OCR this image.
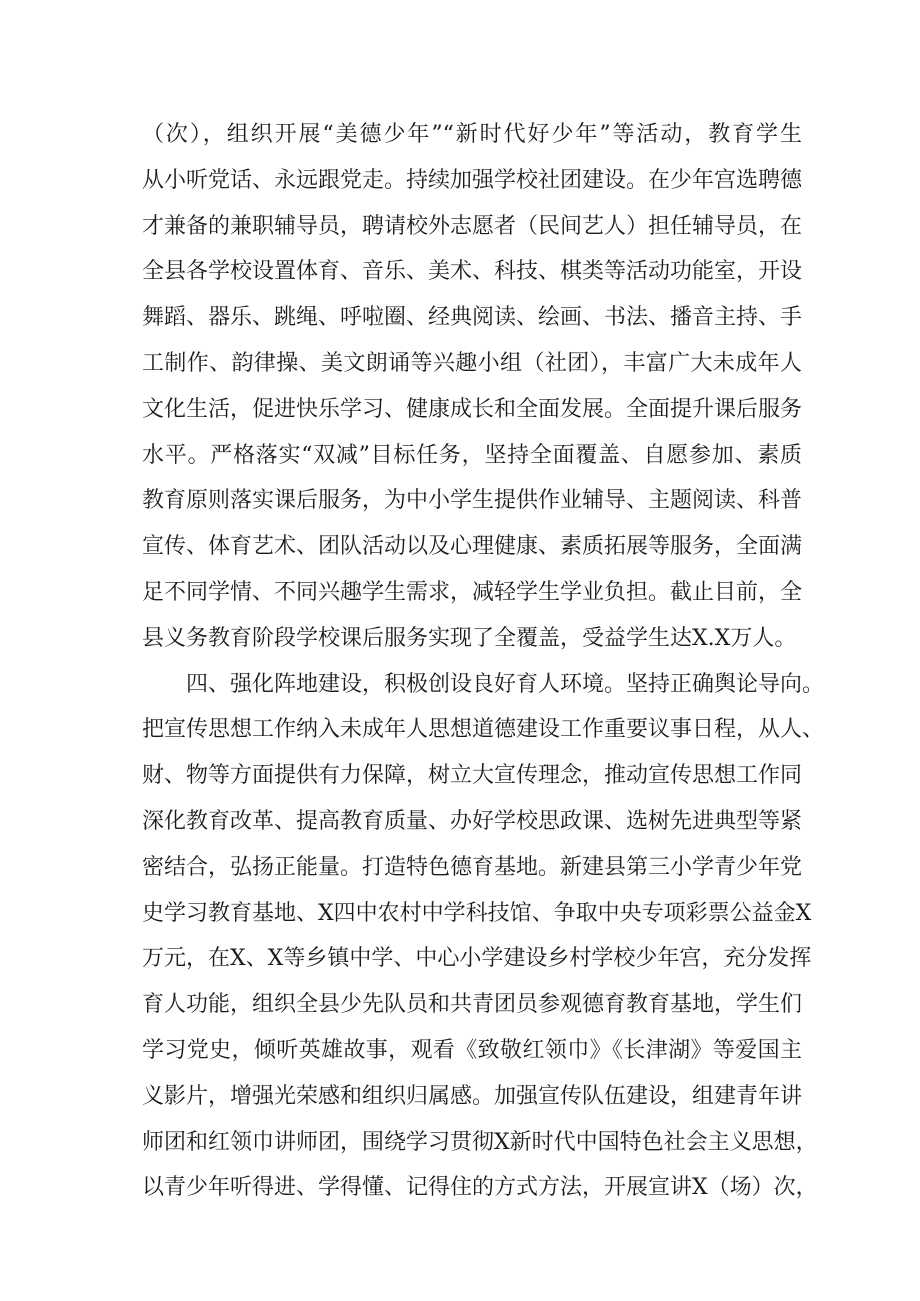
（次），组织开展“美德少年”“新时代好少年”等活动，教育学生
从小听党话、永远跟党走。持续加强学校社团建设。在少年宫选聘德
才兼备的兼职辅导员，聘请校外志愿者（民间艺人）担任辅导员，在
全县各学校设置体育、音乐、美术、科技、棋类等活动功能室，开设
舞蹈、器乐、跳绳、呼啦圈、经典阅读、绘画、书法、播音主持、手
工制作、韵律操、美文朗诵等兴趣小组（社团），丰富广大未成年人
文化生活，促进快乐学习、健康成长和全面发展。全面提升课后服务
水平。严格落实“双减”目标任务，坚持全面覆盖、自愿参加、素质
教育原则落实课后服务，为中小学生提供作业辅导、主题阅读、科普
宣传、体育艺术、团队活动以及心理健康、素质拓展等服务，全面满
足不同学情、不同兴趣学生需求，减轻学生学业负担。截止目前，全
县义务教育阶段学校课后服务实现了全覆盖，受益学生达X.X万人。
四、强化阵地建设，积极创设良好育人环境。坚持正确舆论导向。
把宣传思想工作纳入未成年人思想道德建设工作重要议事日程，从人、
财、物等方面提供有力保障，树立大宣传理念，推动宣传思想工作同
深化教育改革、提高教育质量、办好学校思政课、选树先进典型等紧
密结合，弘扬正能量。打造特色德育基地。新建县第三小学青少年党
史学习教育基地、X四中农村中学科技馆、争取中央专项彩票公益金X
万元，在X、X等乡镇中学、中心小学建设乡村学校少年宫，充分发挥
育人功能，组织全县少先队员和共青团员参观德育教育基地，学生们
学习党史，倾听英雄故事，观看《致敬红领巾》《长津湖》等爱国主
义影片，增强光荣感和组织归属感。加强宣传队伍建设，组建青年讲
师团和红领巾讲师团，围绕学习贯彻X新时代中国特色社会主义思想，
以青少年听得进、学得懂、记得住的方式方法，开展宣讲X（场）次，
